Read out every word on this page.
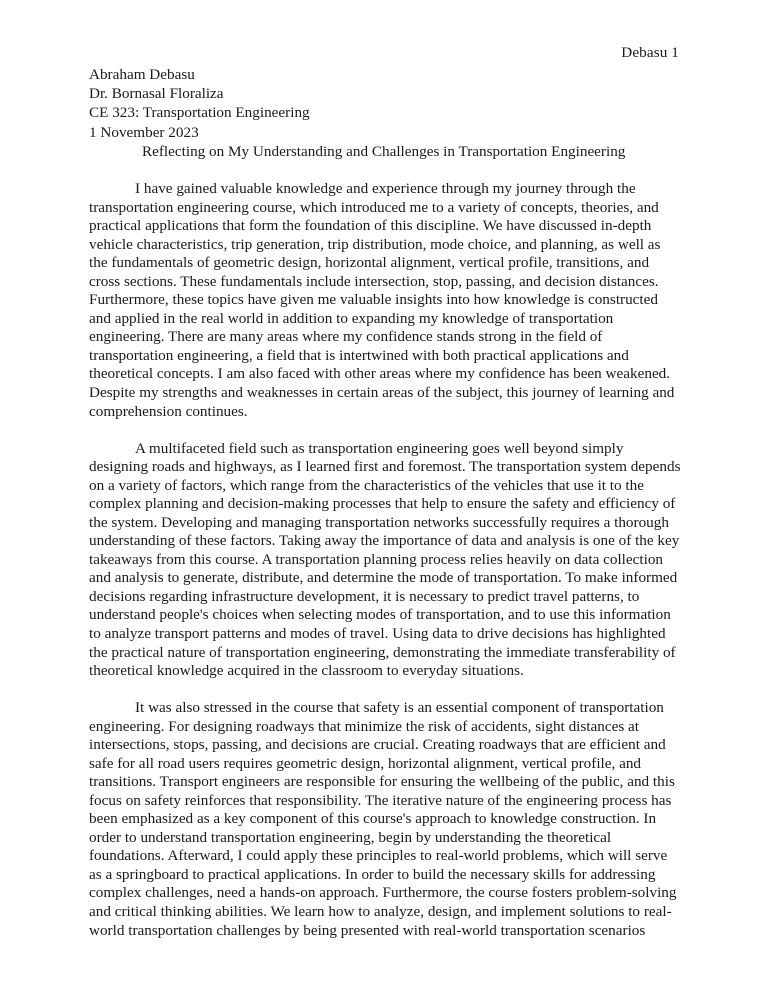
Debasu 1
Abraham Debasu
Dr. Bornasal Floraliza
CE 323: Transportation Engineering
1 November 2023
Reflecting on My Understanding and Challenges in Transportation Engineering

I have gained valuable knowledge and experience through my journey through the transportation engineering course, which introduced me to a variety of concepts, theories, and practical applications that form the foundation of this discipline. We have discussed in-depth vehicle characteristics, trip generation, trip distribution, mode choice, and planning, as well as the fundamentals of geometric design, horizontal alignment, vertical profile, transitions, and cross sections. These fundamentals include intersection, stop, passing, and decision distances. Furthermore, these topics have given me valuable insights into how knowledge is constructed and applied in the real world in addition to expanding my knowledge of transportation engineering. There are many areas where my confidence stands strong in the field of transportation engineering, a field that is intertwined with both practical applications and theoretical concepts. I am also faced with other areas where my confidence has been weakened. Despite my strengths and weaknesses in certain areas of the subject, this journey of learning and comprehension continues.

A multifaceted field such as transportation engineering goes well beyond simply designing roads and highways, as I learned first and foremost. The transportation system depends on a variety of factors, which range from the characteristics of the vehicles that use it to the complex planning and decision-making processes that help to ensure the safety and efficiency of the system. Developing and managing transportation networks successfully requires a thorough understanding of these factors. Taking away the importance of data and analysis is one of the key takeaways from this course. A transportation planning process relies heavily on data collection and analysis to generate, distribute, and determine the mode of transportation. To make informed decisions regarding infrastructure development, it is necessary to predict travel patterns, to understand people's choices when selecting modes of transportation, and to use this information to analyze transport patterns and modes of travel. Using data to drive decisions has highlighted the practical nature of transportation engineering, demonstrating the immediate transferability of theoretical knowledge acquired in the classroom to everyday situations.

It was also stressed in the course that safety is an essential component of transportation engineering. For designing roadways that minimize the risk of accidents, sight distances at intersections, stops, passing, and decisions are crucial. Creating roadways that are efficient and safe for all road users requires geometric design, horizontal alignment, vertical profile, and transitions. Transport engineers are responsible for ensuring the wellbeing of the public, and this focus on safety reinforces that responsibility. The iterative nature of the engineering process has been emphasized as a key component of this course's approach to knowledge construction. In order to understand transportation engineering, begin by understanding the theoretical foundations. Afterward, I could apply these principles to real-world problems, which will serve as a springboard to practical applications. In order to build the necessary skills for addressing complex challenges, need a hands-on approach. Furthermore, the course fosters problem-solving and critical thinking abilities. We learn how to analyze, design, and implement solutions to real-world transportation challenges by being presented with real-world transportation scenarios
